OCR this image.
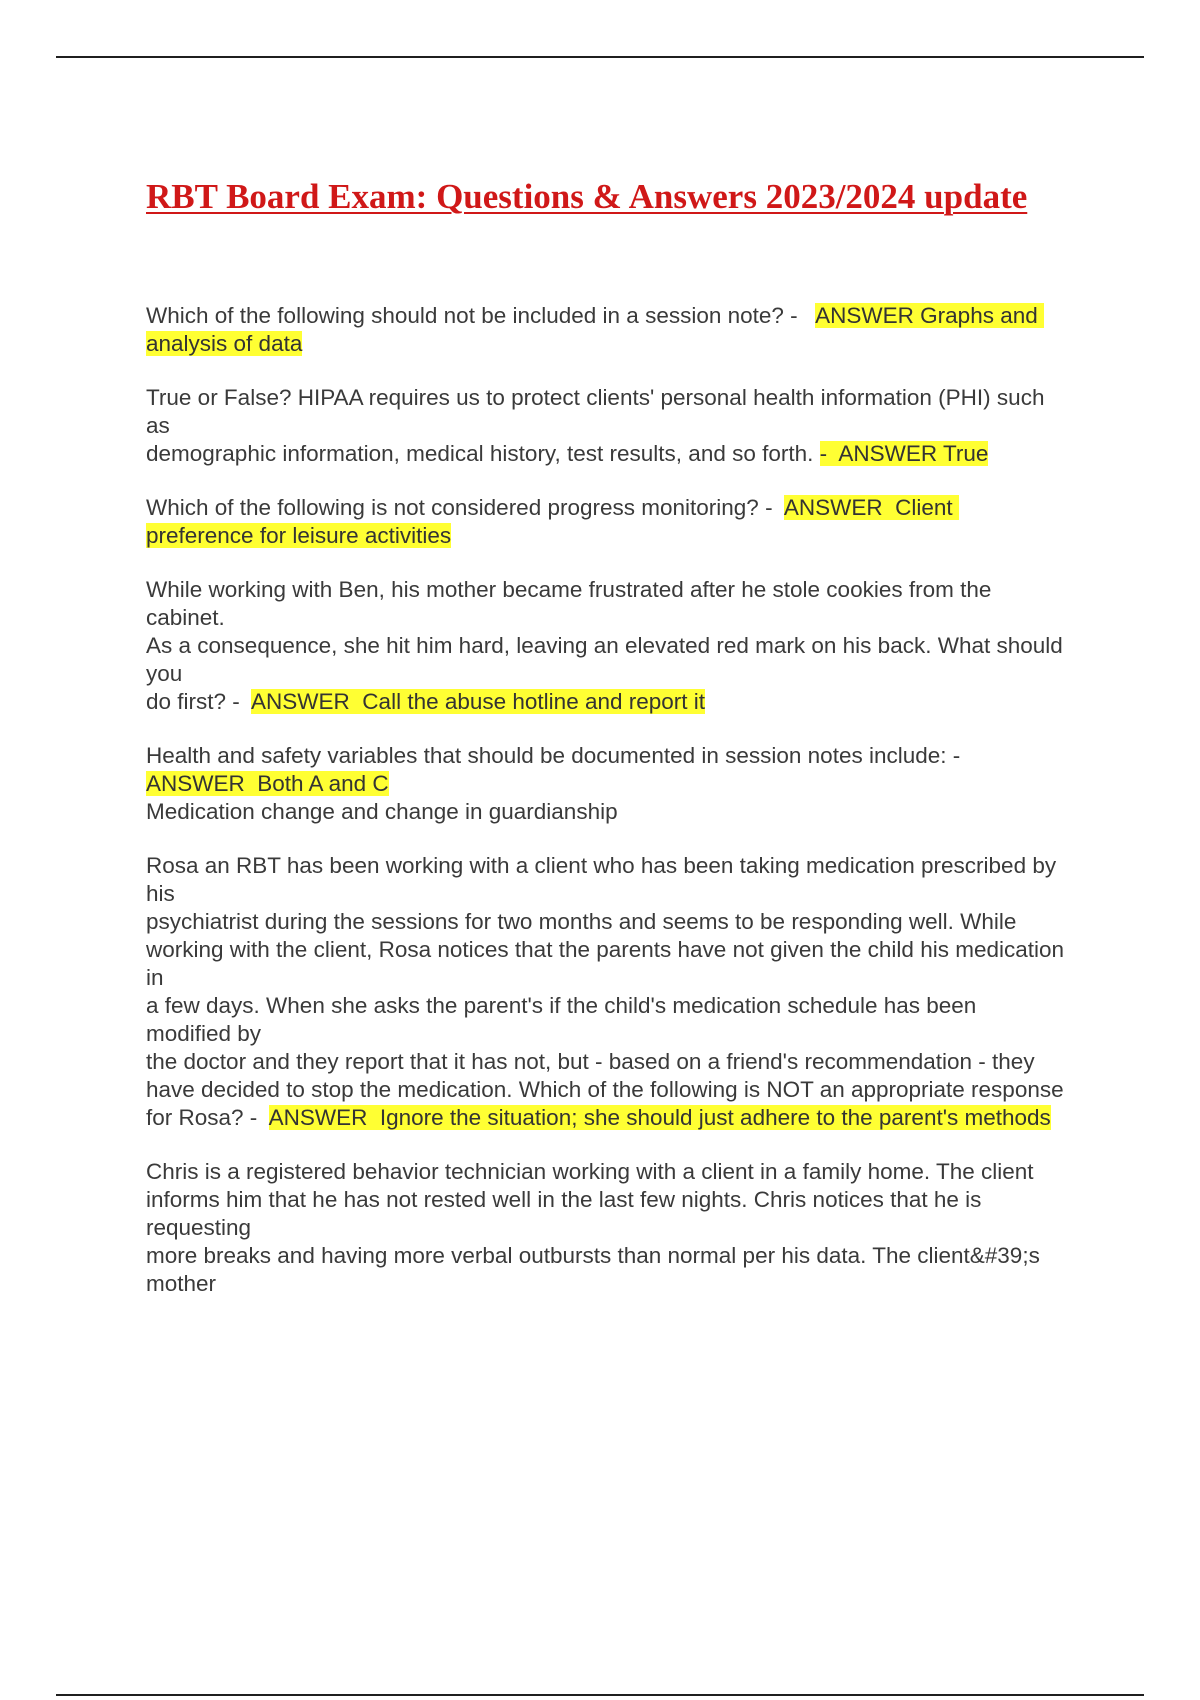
RBT Board Exam: Questions & Answers 2023/2024 update

Which of the following should not be included in a session note? -   ANSWER Graphs and analysis of data

True or False? HIPAA requires us to protect clients' personal health information (PHI) such as
demographic information, medical history, test results, and so forth. -  ANSWER True

Which of the following is not considered progress monitoring? -  ANSWER  Client preference for leisure activities

While working with Ben, his mother became frustrated after he stole cookies from the cabinet.
As a consequence, she hit him hard, leaving an elevated red mark on his back. What should you
do first? -  ANSWER  Call the abuse hotline and report it

Health and safety variables that should be documented in session notes include: -
ANSWER  Both A and C
Medication change and change in guardianship

Rosa an RBT has been working with a client who has been taking medication prescribed by his
psychiatrist during the sessions for two months and seems to be responding well. While
working with the client, Rosa notices that the parents have not given the child his medication in
a few days. When she asks the parent's if the child's medication schedule has been modified by
the doctor and they report that it has not, but - based on a friend's recommendation - they
have decided to stop the medication. Which of the following is NOT an appropriate response
for Rosa? -  ANSWER  Ignore the situation; she should just adhere to the parent's methods

Chris is a registered behavior technician working with a client in a family home. The client
informs him that he has not rested well in the last few nights. Chris notices that he is requesting
more breaks and having more verbal outbursts than normal per his data. The client&#39;s mother
